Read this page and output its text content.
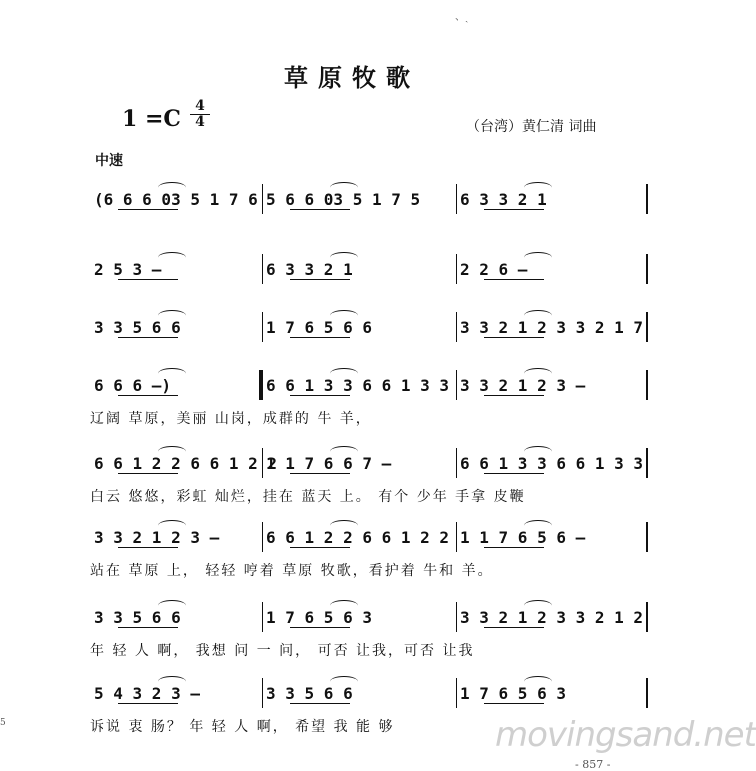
、ˎ
草原牧歌
$1 =C \frac{4}{4}$	（台湾）黄仁清 词曲
中速
(6 6 6 03 5 1 7 6 5 6 6 03 5 1 7 5 6 3 3 2 1
2 5 3 —	6 3 3 2 1	2 2 6 —
3 3 5 6 6	1 7 6 5 6 6	3 3 2 1 2 3 3 2 1 7
6 6 6 —)	6 6 1 3 3 6 6 1 3 3 3 3 2 1 2 3 —
辽阔 草原，美丽 山岗，成群的 牛 羊，
6 6 1 2 2 6 6 1 2 2
1 1 7 6 6 7 —	6 6 1 3 3 6 6 1 3 3
白云 悠悠，彩虹 灿烂，挂在 蓝天 上。 有个 少年 手拿 皮鞭
3 3 2 1 2 3 —	6 6 1 2 2 6 6 1 2 2 1 1 7 6 5 6 —
站在 草原 上， 轻轻 哼着 草原 牧歌，看护着 牛和 羊。
3 3 5 6 6	1 7 6 5 6 3	3 3 2 1 2 3 3 2 1 2
年 轻 人 啊， 我想 问 一 问， 可否 让我，可否 让我
5 4 3 2 3 —	3 3 5 6 6	1 7 6 5 6 3
诉说 衷 肠？ 年 轻 人 啊， 希望 我 能 够
5	movingsand.net
- 857 -
